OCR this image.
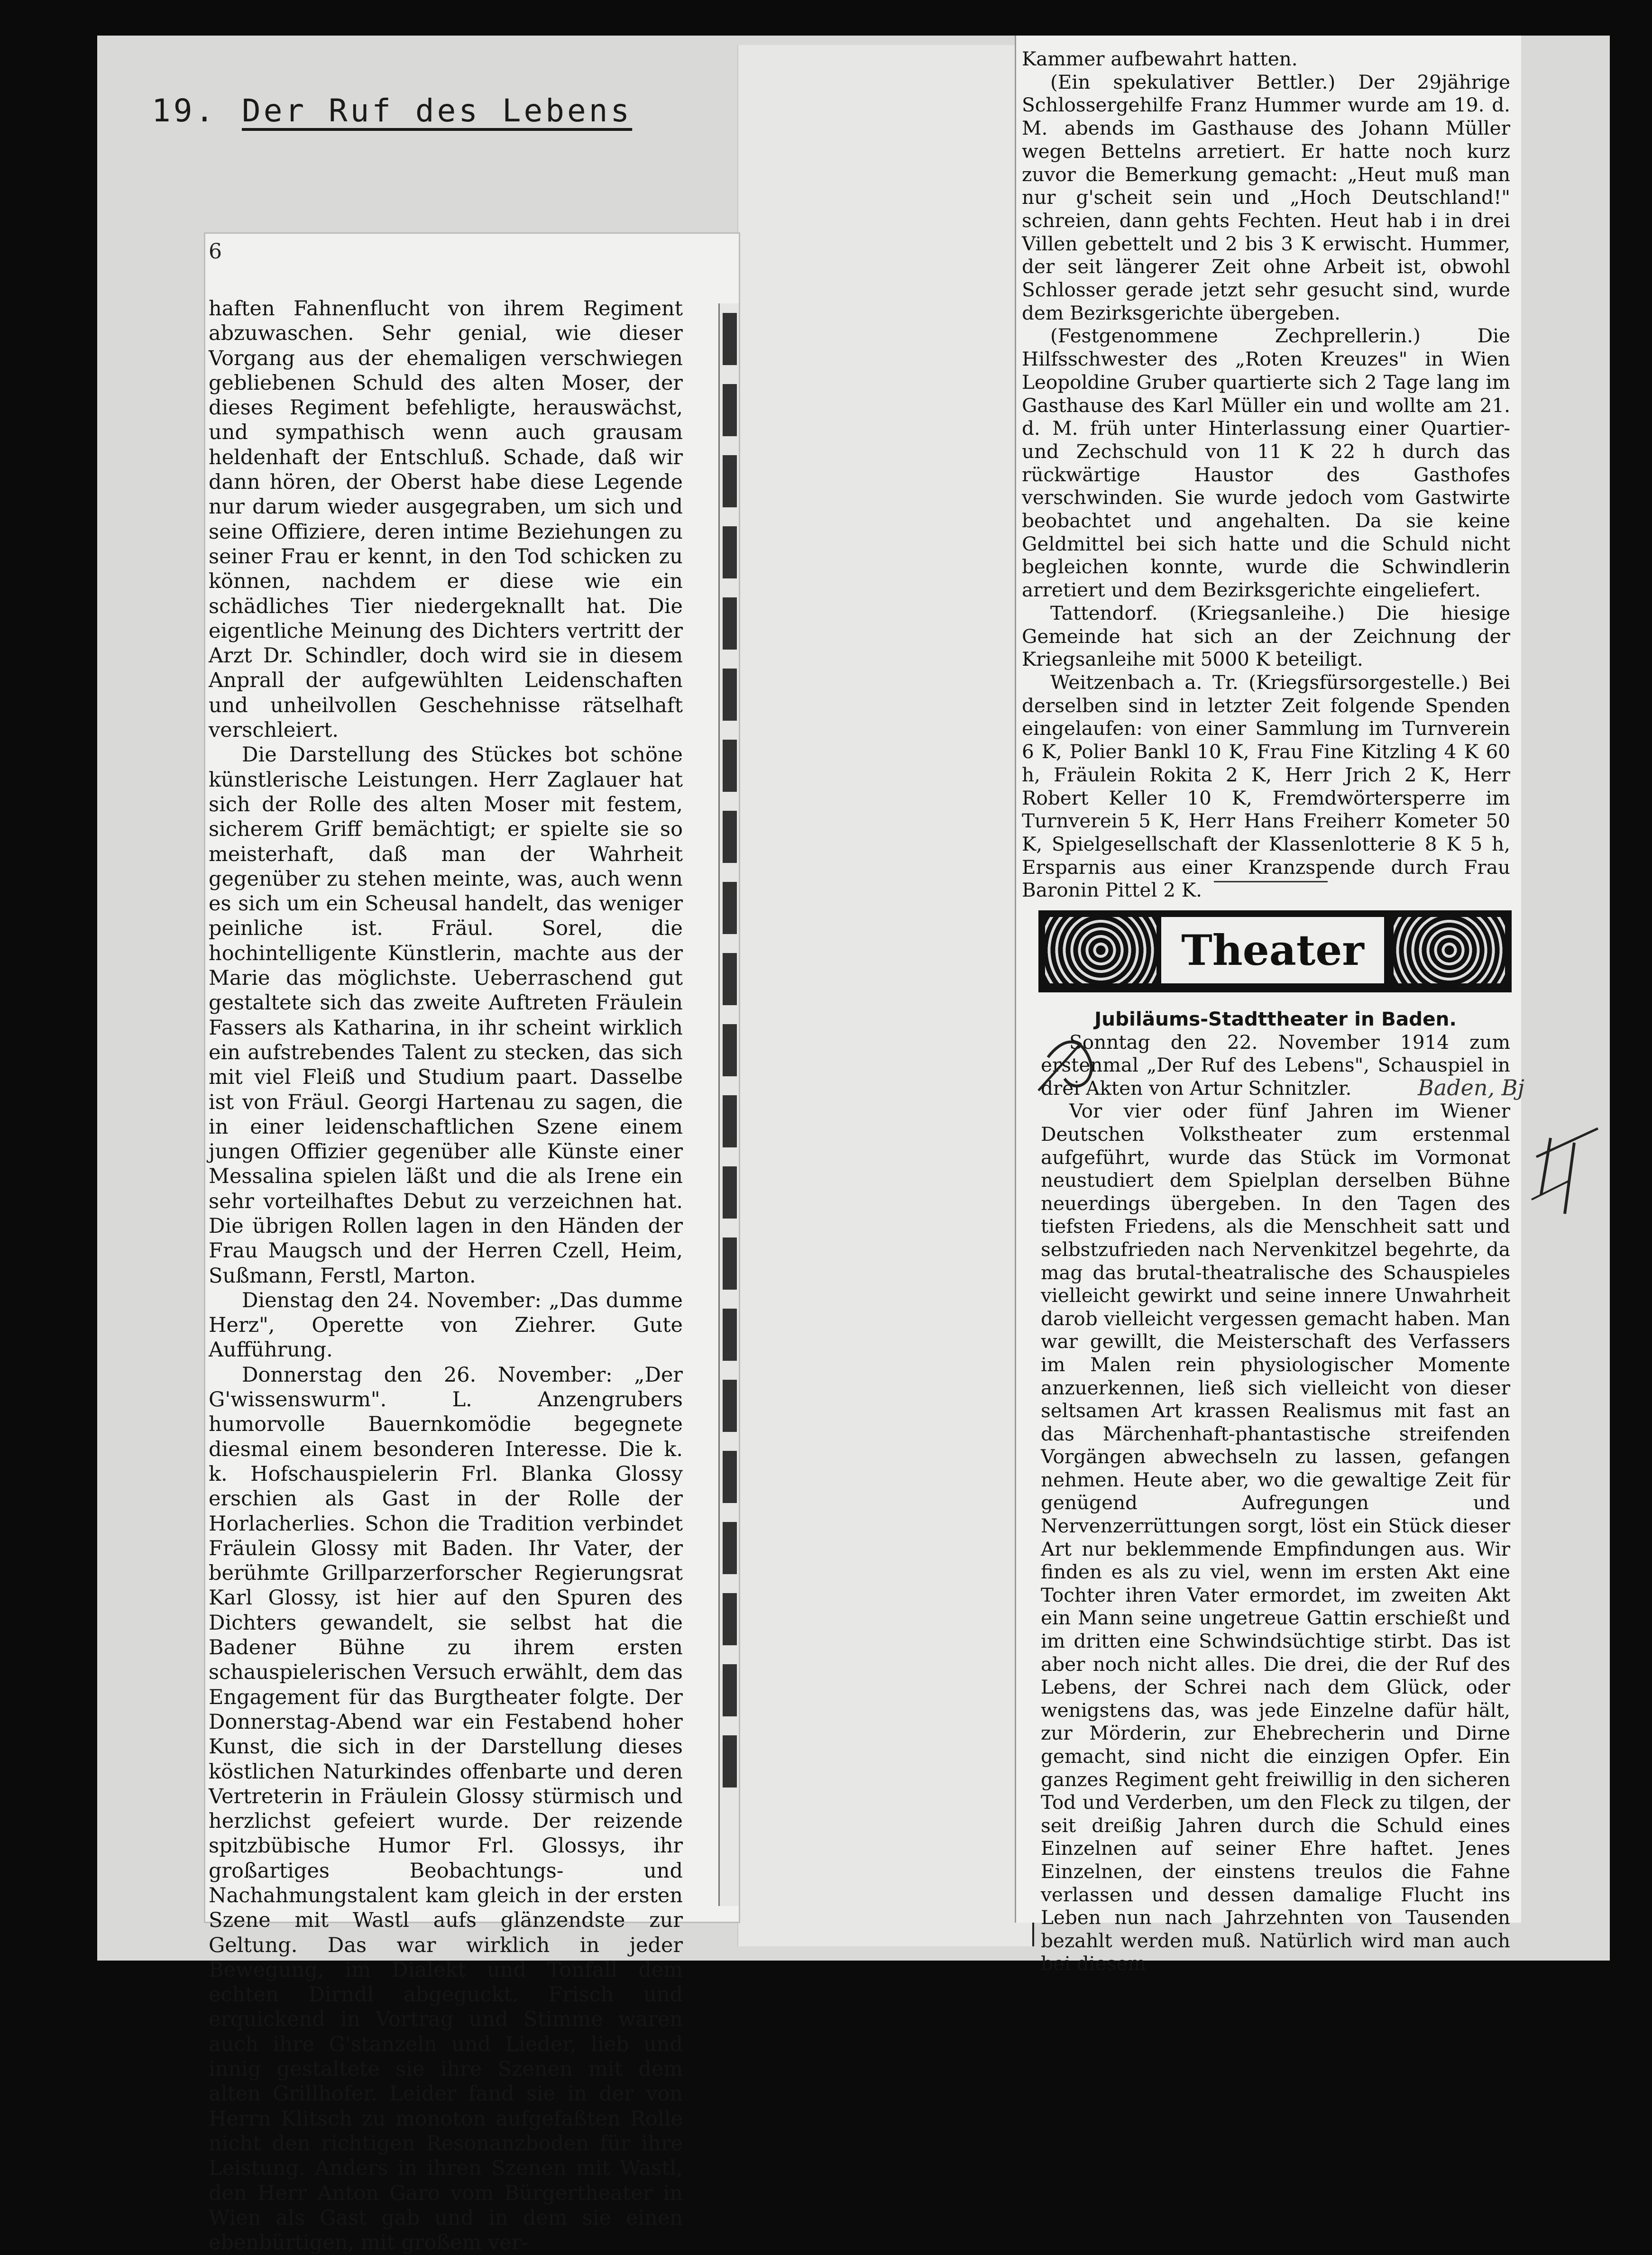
19. Der Ruf des Lebens
6

haften Fahnenflucht von ihrem Regiment abzuwaschen. Sehr genial, wie dieser Vorgang aus der ehemaligen verschwiegen gebliebenen Schuld des alten Moser, der dieses Regiment befehligte, herauswächst, und sympathisch wenn auch grausam heldenhaft der Entschluß. Schade, daß wir dann hören, der Oberst habe diese Legende nur darum wieder ausgegraben, um sich und seine Offiziere, deren intime Beziehungen zu seiner Frau er kennt, in den Tod schicken zu können, nachdem er diese wie ein schädliches Tier niedergeknallt hat. Die eigentliche Meinung des Dichters vertritt der Arzt Dr. Schindler, doch wird sie in diesem Anprall der aufgewühlten Leidenschaften und unheilvollen Geschehnisse rätselhaft verschleiert.

Die Darstellung des Stückes bot schöne künstlerische Leistungen. Herr Zaglauer hat sich der Rolle des alten Moser mit festem, sicherem Griff bemächtigt; er spielte sie so meisterhaft, daß man der Wahrheit gegenüber zu stehen meinte, was, auch wenn es sich um ein Scheusal handelt, das weniger peinliche ist. Fräul. Sorel, die hochintelligente Künstlerin, machte aus der Marie das möglichste. Ueberraschend gut gestaltete sich das zweite Auftreten Fräulein Fassers als Katharina, in ihr scheint wirklich ein aufstrebendes Talent zu stecken, das sich mit viel Fleiß und Studium paart. Dasselbe ist von Fräul. Georgi Hartenau zu sagen, die in einer leidenschaftlichen Szene einem jungen Offizier gegenüber alle Künste einer Messalina spielen läßt und die als Irene ein sehr vorteilhaftes Debut zu verzeichnen hat. Die übrigen Rollen lagen in den Händen der Frau Maugsch und der Herren Czell, Heim, Sußmann, Ferstl, Marton.

Dienstag den 24. November: „Das dumme Herz", Operette von Ziehrer. Gute Aufführung.

Donnerstag den 26. November: „Der G'wissenswurm". L. Anzengrubers humorvolle Bauernkomödie begegnete diesmal einem besonderen Interesse. Die k. k. Hofschauspielerin Frl. Blanka Glossy erschien als Gast in der Rolle der Horlacherlies. Schon die Tradition verbindet Fräulein Glossy mit Baden. Ihr Vater, der berühmte Grillparzerforscher Regierungsrat Karl Glossy, ist hier auf den Spuren des Dichters gewandelt, sie selbst hat die Badener Bühne zu ihrem ersten schauspielerischen Versuch erwählt, dem das Engagement für das Burgtheater folgte. Der Donnerstag-Abend war ein Festabend hoher Kunst, die sich in der Darstellung dieses köstlichen Naturkindes offenbarte und deren Vertreterin in Fräulein Glossy stürmisch und herzlichst gefeiert wurde. Der reizende spitzbübische Humor Frl. Glossys, ihr großartiges Beobachtungs- und Nachahmungstalent kam gleich in der ersten Szene mit Wastl aufs glänzendste zur Geltung. Das war wirklich in jeder Bewegung, im Dialekt und Tonfall dem echten Dirndl abgeguckt. Frisch und erquickend in Vortrag und Stimme waren auch ihre G'stanzeln und Lieder, lieb und innig gestaltete sie ihre Szenen mit dem alten Grillhofer. Leider fand sie in der von Herrn Klitsch zu monoton aufgefaßten Rolle nicht den richtigen Resonanzboden für ihre Leistung. Anders in ihren Szenen mit Wastl, den Herr Anton Garo vom Bürgertheater in Wien als Gast gab und in dem sie einen ebenbürtigen, mit großem ver-

Kammer aufbewahrt hatten.

(Ein spekulativer Bettler.) Der 29jährige Schlossergehilfe Franz Hummer wurde am 19. d. M. abends im Gasthause des Johann Müller wegen Bettelns arretiert. Er hatte noch kurz zuvor die Bemerkung gemacht: „Heut muß man nur g'scheit sein und „Hoch Deutschland!" schreien, dann gehts Fechten. Heut hab i in drei Villen gebettelt und 2 bis 3 K erwischt. Hummer, der seit längerer Zeit ohne Arbeit ist, obwohl Schlosser gerade jetzt sehr gesucht sind, wurde dem Bezirksgerichte übergeben.

(Festgenommene Zechprellerin.) Die Hilfsschwester des „Roten Kreuzes" in Wien Leopoldine Gruber quartierte sich 2 Tage lang im Gasthause des Karl Müller ein und wollte am 21. d. M. früh unter Hinterlassung einer Quartier- und Zechschuld von 11 K 22 h durch das rückwärtige Haustor des Gasthofes verschwinden. Sie wurde jedoch vom Gastwirte beobachtet und angehalten. Da sie keine Geldmittel bei sich hatte und die Schuld nicht begleichen konnte, wurde die Schwindlerin arretiert und dem Bezirksgerichte eingeliefert.

Tattendorf. (Kriegsanleihe.) Die hiesige Gemeinde hat sich an der Zeichnung der Kriegsanleihe mit 5000 K beteiligt.

Weitzenbach a. Tr. (Kriegsfürsorgestelle.) Bei derselben sind in letzter Zeit folgende Spenden eingelaufen: von einer Sammlung im Turnverein 6 K, Polier Bankl 10 K, Frau Fine Kitzling 4 K 60 h, Fräulein Rokita 2 K, Herr Jrich 2 K, Herr Robert Keller 10 K, Fremdwörtersperre im Turnverein 5 K, Herr Hans Freiherr Kometer 50 K, Spielgesellschaft der Klassenlotterie 8 K 5 h, Ersparnis aus einer Kranzspende durch Frau Baronin Pittel 2 K.

Theater

Jubiläums-Stadttheater in Baden.

Sonntag den 22. November 1914 zum erstenmal „Der Ruf des Lebens", Schauspiel in drei Akten von Artur Schnitzler.

Vor vier oder fünf Jahren im Wiener Deutschen Volkstheater zum erstenmal aufgeführt, wurde das Stück im Vormonat neustudiert dem Spielplan derselben Bühne neuerdings übergeben. In den Tagen des tiefsten Friedens, als die Menschheit satt und selbstzufrieden nach Nervenkitzel begehrte, da mag das brutal-theatralische des Schauspieles vielleicht gewirkt und seine innere Unwahrheit darob vielleicht vergessen gemacht haben. Man war gewillt, die Meisterschaft des Verfassers im Malen rein physiologischer Momente anzuerkennen, ließ sich vielleicht von dieser seltsamen Art krassen Realismus mit fast an das Märchenhaft-phantastische streifenden Vorgängen abwechseln zu lassen, gefangen nehmen. Heute aber, wo die gewaltige Zeit für genügend Aufregungen und Nervenzerrüttungen sorgt, löst ein Stück dieser Art nur beklemmende Empfindungen aus. Wir finden es als zu viel, wenn im ersten Akt eine Tochter ihren Vater ermordet, im zweiten Akt ein Mann seine ungetreue Gattin erschießt und im dritten eine Schwindsüchtige stirbt. Das ist aber noch nicht alles. Die drei, die der Ruf des Lebens, der Schrei nach dem Glück, oder wenigstens das, was jede Einzelne dafür hält, zur Mörderin, zur Ehebrecherin und Dirne gemacht, sind nicht die einzigen Opfer. Ein ganzes Regiment geht freiwillig in den sicheren Tod und Verderben, um den Fleck zu tilgen, der seit dreißig Jahren durch die Schuld eines Einzelnen auf seiner Ehre haftet. Jenes Einzelnen, der einstens treulos die Fahne verlassen und dessen damalige Flucht ins Leben nun nach Jahrzehnten von Tausenden bezahlt werden muß. Natürlich wird man auch bei diesem

Baden, Bj
